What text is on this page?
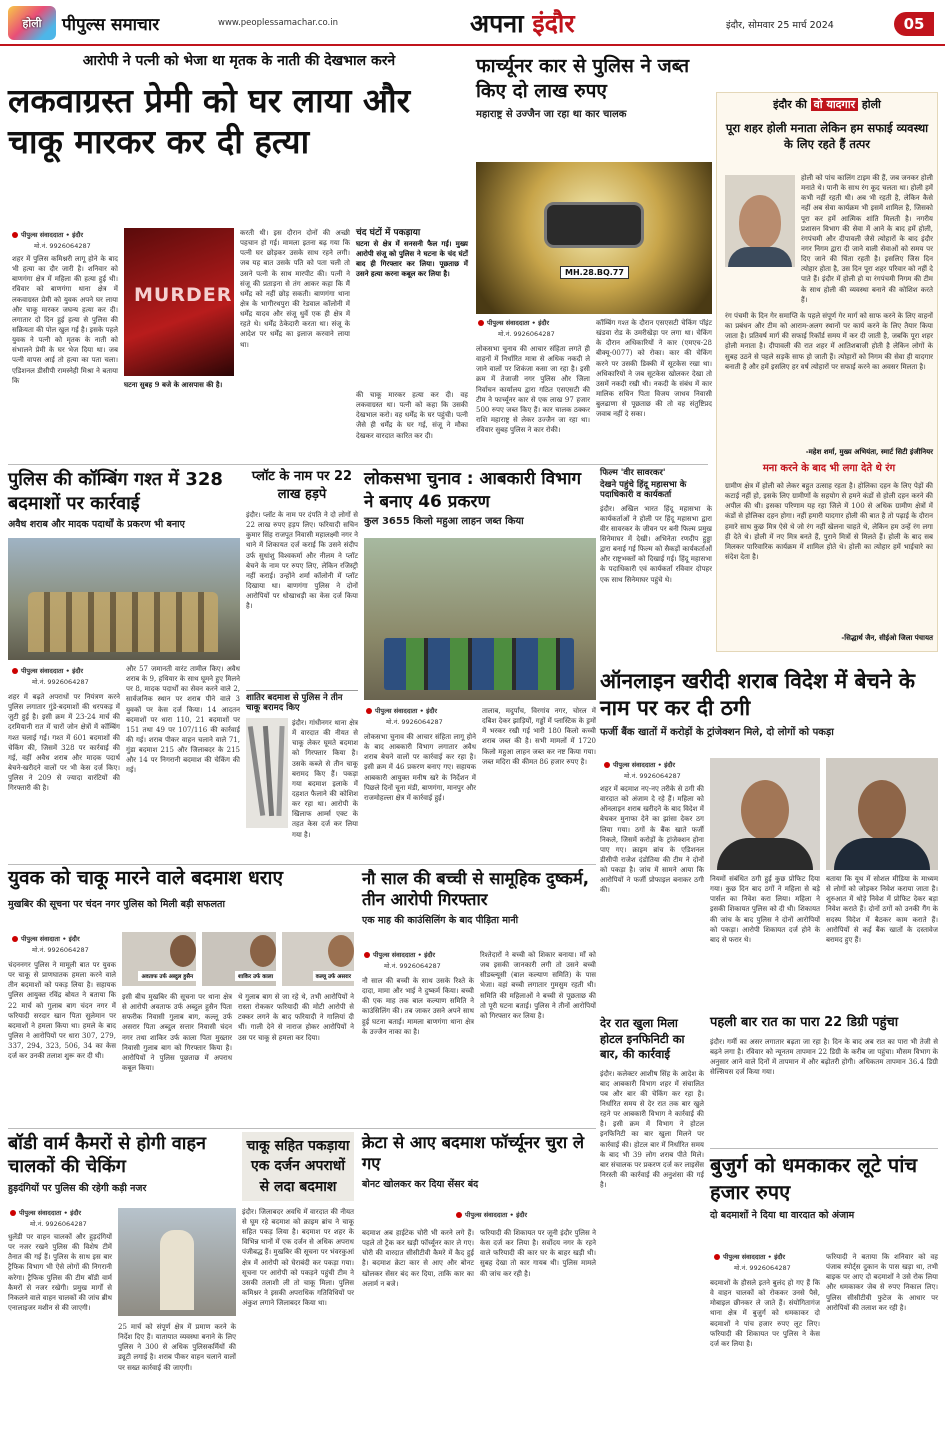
होली पीपुल्स समाचार	www.peoplessamachar.co.in	अपना इंदौर	इंदौर, सोमवार 25 मार्च 2024	05
आरोपी ने पत्नी को भेजा था मृतक के नाती की देखभाल करने
लकवाग्रस्त प्रेमी को घर लाया और चाकू मारकर कर दी हत्या
पीपुल्स संवाददाता • इंदौर
मो.नं. 9926064287
शहर में पुलिस कमिश्नरी लागू होने के बाद भी हत्या का दौर जारी है। शनिवार को बाणगंगा क्षेत्र में महिला की हत्या हुई थी। रविवार को बाणगंगा थाना क्षेत्र में लकवाग्रस्त प्रेमी को युवक अपने घर लाया और चाकू मारकर जघन्य हत्या कर दी। लगातार दो दिन हुई हत्या से पुलिस की सक्रियता की पोल खुल गई है। इसके पहले युवक ने पत्नी को मृतक के नाती को संभालने प्रेमी के घर भेज दिया था। जब पत्नी वापस आई तो हत्या का पता चला। एडिशनल डीसीपी रामस्नेही मिश्रा ने बताया कि
MURDER
घटना सुबह 9 बजे के आसपास की है।
करती थी। इस दौरान दोनों की अच्छी पहचान हो गई। मामला इतना बढ़ गया कि पत्नी घर छोड़कर उसके साथ रहने लगी। जब यह बात उसके पति को पता चली तो उसने पत्नी के साथ मारपीट की। पत्नी ने संजू की प्रताड़ना से तंग आकर कहा कि मैं धर्मेंद्र को नहीं छोड़ सकती। बाणगंगा थाना क्षेत्र के भागीरथपुरा की रेडवाल कॉलोनी में धर्मेंद्र यादव और संजू धुर्वे एक ही क्षेत्र में रहते थे। धर्मेंद्र ठेकेदारी करता था। संजू के आदेश पर धर्मेंद्र का इलाज करवाने लाया था।
चंद घंटों में पकड़ाया
घटना से क्षेत्र में सनसनी फैल गई। मुख्य आरोपी संजू को पुलिस ने घटना के चंद घंटों बाद ही गिरफ्तार कर लिया। पूछताछ में उसने हत्या करना कबूल कर लिया है।
की चाकू मारकर हत्या कर दी। वह लकवाग्रस्त था। पत्नी को कहा कि उसकी देखभाल करो। वह धर्मेंद्र के घर पहुंची। पत्नी जैसे ही धर्मेंद्र के घर गई, संजू ने मौका देखकर वारदात कारित कर दी।
फार्च्यूनर कार से पुलिस ने जब्त किए दो लाख रुपए
महाराष्ट्र से उज्जैन जा रहा था कार चालक
MH.28.BQ.77
पीपुल्स संवाददाता • इंदौर
मो.नं. 9926064287
लोकसभा चुनाव की आचार संहिता लगते ही वाहनों में निर्धारित मात्रा से अधिक नकदी ले जाने वालों पर शिकंजा कसा जा रहा है। इसी क्रम में तेजाजी नगर पुलिस और जिला निर्वाचन कार्यालय द्वारा गठित एसएसटी की टीम ने फार्च्यूनर कार से एक लाख 97 हजार 500 रुपए जब्त किए हैं। कार चालक ठक्कर राशि महाराष्ट्र से लेकर उज्जैन जा रहा था। रविवार सुबह पुलिस ने कार रोकी।
कॉम्बिंग गश्त के दौरान एसएसटी चेकिंग पॉइंट खंडवा रोड के उमरीखेड़ा पर लगा था। चेकिंग के दौरान अधिकारियों ने कार (एमएच-28 बीक्यू-0077) को रोका। कार की चेकिंग करने पर उसकी डिक्की में सूटकेस रखा था। अधिकारियों ने जब सूटकेस खोलकर देखा तो उसमें नकदी रखी थी। नकदी के संबंध में कार मालिक सचिन पिता विजय जाधव निवासी बुलढाणा से पूछताछ की तो वह संतुष्टिप्रद जवाब नहीं दे सका।
इंदौर की वो यादगार होली
पूरा शहर होली मनाता लेकिन हम सफाई व्यवस्था के लिए रहते हैं तत्पर
होली को पांच कालिंग टाइम की हैं, जब जनकर होली मनाते थे। पानी के साथ रंग कूद चलता था। होली हमें कभी नहीं रहती थी। अब भी रहती है, लेकिन कैसे नहीं अब सेवा कार्यक्रम भी इसमें शामिल है, जिसको पूरा कर हमें आत्मिक शांति मिलती है। नगरीय प्रशासन विभाग की सेवा में आने के बाद हमें होली, रंगपंचमी और दीपावली जैसे त्योहारों के बाद इंदौर नगर निगम द्वारा दी जाने वाली सेवाओं को समय पर दिए जाने की चिंता रहती है। इसलिए जिस दिन त्योहार होता है, उस दिन पूरा शहर परिवार को नहीं दे पाते हैं। इंदौर में होली हो या रंगपंचमी निगम की टीम के साथ होली की व्यवस्था बनाने की कोशिश करते हैं।
रंग पंचमी के दिन गेर समाप्ति के पहले संपूर्ण गेर मार्ग को साफ करने के लिए वाहनों का प्रबंधन और टीम को आराम-अलग स्थानों पर कार्य करने के लिए तैयार किया जाता है। प्रतिवर्ष मार्ग की सफाई रिकॉर्ड समय में कर दी जाती है, जबकि पूरा शहर होली मनाता है। दीपावली की रात शहर में आतिशबाजी होती है लेकिन लोगों के सुबह उठने से पहले सड़कें साफ हो जाती हैं। त्योहारों को निगम की सेवा ही यादगार बनाती है और हमें इसलिए हर वर्ष त्योहारों पर सफाई करने का अवसर मिलता है।
-महेश शर्मा, मुख्य अभियंता, स्मार्ट सिटी इंजीनियर
मना करने के बाद भी लगा देते थे रंग
ग्रामीण क्षेत्र में होली को लेकर बहुत उत्साह रहता है। होलिका दहन के लिए पेड़ों की कटाई नहीं हो, इसके लिए ग्रामीणों के सहयोग से हमने कंडों से होली दहन करने की अपील की थी। इसका परिणाम यह रहा जिले में 100 से अधिक ग्रामीण क्षेत्रों में कंडों से होलिका दहन होगा। नहीं हमारी यादगार होली की बात है तो पढ़ाई के दौरान हमारे साथ कुछ मित्र ऐसे थे जो रंग नहीं खेलना चाहते थे, लेकिन हम उन्हें रंग लगा ही देते थे। होली में नए मित्र बनते हैं, पुराने मित्रों से मिलते हैं। होली के बाद सब मिलकर पारिवारिक कार्यक्रम में शामिल होते थे। होली का त्योहार हमें भाईचारे का संदेश देता है।
-सिद्धार्थ जैन, सीईओ जिला पंचायत
पुलिस की कॉम्बिंग गश्त में 328 बदमाशों पर कार्रवाई
अवैध शराब और मादक पदार्थों के प्रकरण भी बनाए
पीपुल्स संवाददाता • इंदौर
मो.नं. 9926064287
शहर में बढ़ते अपराधों पर नियंत्रण करने पुलिस लगातार गुंडे-बदमाशों की धरपकड़ में जुटी हुई है। इसी क्रम में 23-24 मार्च की दरमियानी रात में चारों जोन क्षेत्रों में कॉम्बिंग गश्त चलाई गई। गश्त में 601 बदमाशों की चेकिंग की, जिसमें 328 पर कार्रवाई की गई, वहीं अवैध शराब और मादक पदार्थ बेचने-खरीदने वालों पर भी केस दर्ज किए। पुलिस ने 209 से ज्यादा वारंटियों की गिरफ्तारी की है।
और 57 जमानती वारंट तामील किए। अवैध शराब के 9, हथियार के साथ घूमने हुए मिलने पर 8, मादक पदार्थों का सेवन करने वाले 2, सार्वजनिक स्थान पर शराब पीने वाले 3 युवकों पर केस दर्ज किया। 14 आदतन बदमाशों पर धारा 110, 21 बदमाशों पर 151 तथा 49 पर 107/116 की कार्रवाई की गई। शराब पीकर वाहन चलाने वाले 71, गुंडा बदमाश 215 और जिलाबदर के 215 और 14 पर निगरानी बदमाश की चेकिंग की गई।
प्लॉट के नाम पर 22 लाख हड़पे
इंदौर। प्लॉट के नाम पर दंपति ने दो लोगों से 22 लाख रुपए हड़प लिए। फरियादी सचिन कुमार सिंह राजपूत निवासी महालक्ष्मी नगर ने थाने में शिकायत दर्ज कराई कि उसने संदीप उर्फ सुधांशु विश्वकर्मा और नीलम ने प्लॉट बेचने के नाम पर रुपए लिए, लेकिन रजिस्ट्री नहीं कराई। उन्होंने शर्मा कॉलोनी में प्लॉट दिखाया था। बाणगंगा पुलिस ने दोनों आरोपियों पर धोखाधड़ी का केस दर्ज किया है।
शातिर बदमाश से पुलिस ने तीन चाकू बरामद किए
इंदौर। गांधीनगर थाना क्षेत्र में वारदात की नीयत से चाकू लेकर घूमते बदमाश को गिरफ्तार किया है। उसके कब्जे से तीन चाकू बरामद किए हैं। पकड़ा गया बदमाश इलाके में दहशत फैलाने की कोशिश कर रहा था। आरोपी के खिलाफ आर्म्स एक्ट के तहत केस दर्ज कर लिया गया है।
लोकसभा चुनाव : आबकारी विभाग ने बनाए 46 प्रकरण
कुल 3655 किलो महुआ लाहन जब्त किया
पीपुल्स संवाददाता • इंदौर
मो.नं. 9926064287
लोकसभा चुनाव की आचार संहिता लागू होने के बाद आबकारी विभाग लगातार अवैध शराब बेचने वालों पर कार्रवाई कर रहा है। इसी क्रम में 46 प्रकरण बनाए गए। सहायक आबकारी आयुक्त मनीष खरे के निर्देशन में पिछले दिनों चूना मंडी, बाणगंगा, मानपुर और राजमोहल्ला क्षेत्र में कार्रवाई हुई।
तालाब, मदुर्पांच, विरगांव नगर, चोरल में दबिश देकर झाड़ियों, गड्ढों में प्लास्टिक के ड्रमों में भरकर रखी गई भारी 180 किलो कच्ची शराब जब्त की है। सभी मामलों में 1720 किलो महुआ लाहन जब्त कर नष्ट किया गया। जब्त मदिरा की कीमत 86 हजार रुपए है।
फिल्म 'वीर सावरकर'
देखने पहुंचे हिंदू महासभा के पदाधिकारी व कार्यकर्ता
इंदौर। अखिल भारत हिंदू महासभा के कार्यकर्ताओं ने होली पर हिंदू महासभा द्वारा वीर सावरकर के जीवन पर बनी फिल्म प्रमुख सिनेमाघर में देखी। अभिनेता रणदीप हुड्डा द्वारा बनाई गई फिल्म को सैकड़ों कार्यकर्ताओं और राष्ट्रभक्तों को दिखाई गई। हिंदू महासभा के पदाधिकारी एवं कार्यकर्ता रविवार दोपहर एक साथ सिनेमाघर पहुंचे थे।
ऑनलाइन खरीदी शराब विदेश में बेचने के नाम पर कर दी ठगी
फर्जी बैंक खातों में करोड़ों के ट्रांजेक्शन मिले, दो लोगों को पकड़ा
पीपुल्स संवाददाता • इंदौर
मो.नं. 9926064287
शहर में बदमाश नए-नए तरीके से ठगी की वारदात को अंजाम दे रहे हैं। महिला को ऑनलाइन शराब खरीदने के बाद विदेश में बेचकर मुनाफा देने का झांसा देकर ठग लिया गया। ठगों के बैंक खाते फर्जी निकले, जिसमें करोड़ों के ट्रांजेक्शन होना पाए गए। क्राइम ब्रांच के एडिशनल डीसीपी राजेश दंडोतिया की टीम ने दोनों को पकड़ा है। जांच में सामने आया कि आरोपियों ने फर्जी प्रोफाइल बनाकर ठगी की।
नियमों संबंधित ठगी हुई कुछ प्रोफिट दिया गया। कुछ दिन बाद ठगों ने महिला से बड़े पार्सल का निवेश करा लिया। महिला ने इसकी शिकायत पुलिस को दी थी। शिकायत की जांच के बाद पुलिस ने दोनों आरोपियों को पकड़ा। आरोपी शिकायत दर्ज होने के बाद से फरार थे।
बताया कि यूथ में सोशल मीडिया के माध्यम से लोगों को जोड़कर निवेश कराया जाता है। शुरुआत में थोड़े निवेश में प्रोफिट देकर बड़ा निवेश कराते हैं। दोनों ठगों को उनकी गैंग के सदस्य विदेश में बैठकर काम कराते हैं। आरोपियों से कई बैंक खातों के दस्तावेज बरामद हुए हैं।
युवक को चाकू मारने वाले बदमाश धराए
मुखबिर की सूचना पर चंदन नगर पुलिस को मिली बड़ी सफलता
पीपुल्स संवादाता • इंदौर
मो.नं. 9926064287
अवताफ उर्फ अब्दुल हुसैन	शाकिर उर्फ काला	कल्लू उर्फ असरार
चंदननगर पुलिस ने मामूली बात पर युवक पर चाकू से प्राणघातक हमला करने वाले तीन बदमाशों को पकड़ लिया है। सहायक पुलिस आयुक्त रविंद्र बोयत ने बताया कि 22 मार्च को गुलाब बाग चंदन नगर में फरियादी सरदार खान पिता सुलेमान पर बदमाशों ने हमला किया था। हमले के बाद पुलिस ने आरोपियों पर धारा 307, 279, 337, 294, 323, 506, 34 का केस दर्ज कर उनकी तलाश शुरू कर दी थी।
इसी बीच मुखबिर की सूचना पर थाना क्षेत्र से आरोपी अवताफ उर्फ अब्दुल हुसैन पिता सफरीक निवासी गुलाब बाग, कल्लू उर्फ असरार पिता अब्दुल सत्तार निवासी चंदन नगर तथा शाकिर उर्फ काला पिता मुख्तार निवासी गुलाब बाग को गिरफ्तार किया है। आरोपियों ने पुलिस पूछताछ में अपराध कबूल किया।
थे गुलाब बाग से जा रहे थे, तभी आरोपियों ने रास्ता रोककर फरियादी की मोटी आरोपी से टक्कर लगने के बाद फरियादी ने गालियां दी थीं। गाली देने से नाराज होकर आरोपियों ने उस पर चाकू से हमला कर दिया।
नौ साल की बच्ची से सामूहिक दुष्कर्म, तीन आरोपी गिरफ्तार
एक माह की काउंसिलिंग के बाद पीड़िता मानी
पीपुल्स संवाददाता • इंदौर
मो.नं. 9926064287
नौ साल की बच्ची के साथ उसके रिश्ते के दादा, मामा और भाई ने दुष्कर्म किया। बच्ची की एक माह तक बाल कल्याण समिति ने काउंसिलिंग की। तब जाकर उसने अपने साथ हुई घटना बताई। मामला बाणगंगा थाना क्षेत्र के उज्जैन नाका का है।
रिश्तेदारों ने बच्ची को शिकार बनाया। माँ को जब इसकी जानकारी लगी तो उसने बच्ची सीडब्ल्यूसी (बाल कल्याण समिति) के पास भेजा। वहां बच्ची लगातार गुमसुम रहती थी। समिति की महिलाओं ने बच्ची से पूछताछ की तो पूरी घटना बताई। पुलिस ने तीनों आरोपियों को गिरफ्तार कर लिया है।
बॉडी वार्म कैमरों से होगी वाहन चालकों की चेकिंग
हुड़दंगियों पर पुलिस की रहेगी कड़ी नजर
पीपुल्स संवाददाता • इंदौर
मो.नं. 9926064287
धुलेंडी पर वाहन चालकों और हुड़दंगियों पर नजर रखने पुलिस की विशेष टीमें तैनात की गई हैं। पुलिस के साथ इस बार ट्रैफिक विभाग भी ऐसे लोगों की निगरानी करेगा। ट्रैफिक पुलिस की टीम बॉडी वार्म कैमरों से नजर रखेगी। प्रमुख मार्गों से निकलने वाले वाहन चालकों की जांच ब्रीथ एनालाइजर मशीन से की जाएगी।
25 मार्च को संपूर्ण क्षेत्र में प्रमाण करने के निर्देश दिए हैं। यातायात व्यवस्था बनाने के लिए पुलिस ने 300 से अधिक पुलिसकर्मियों की ड्यूटी लगाई है। शराब पीकर वाहन चलाने वालों पर सख्त कार्रवाई की जाएगी।
चाकू सहित पकड़ाया एक दर्जन अपराधों से लदा बदमाश
इंदौर। जिलाबदर अवधि में वारदात की नीयत से घूम रहे बदमाश को क्राइम ब्रांच ने चाकू सहित पकड़ लिया है। बदमाश पर शहर के विभिन्न थानों में एक दर्जन से अधिक अपराध पंजीबद्ध हैं। मुखबिर की सूचना पर भंवरकुआं क्षेत्र में आरोपी को घेराबंदी कर पकड़ा गया। सूचना पर आरोपी को पकड़ने पहुंची टीम ने उसकी तलाशी ली तो चाकू मिला। पुलिस कमिश्नर ने इसकी अपराधिक गतिविधियों पर अंकुश लगाने जिलाबदर किया था।
क्रेटा से आए बदमाश फॉर्च्यूनर चुरा ले गए
बोनट खोलकर कर दिया सेंसर बंद
पीपुल्स संवाददाता • इंदौर
बदमाश अब हाईटेक चोरी भी करने लगे हैं। पहले तो ट्रैक कर खड़ी फॉर्च्यूनर कार ले गए। चोरी की वारदात सीसीटीवी कैमरे में कैद हुई है। बदमाश क्रेटा कार से आए और बोनट खोलकर सेंसर बंद कर दिया, ताकि कार का अलार्म न बजे।
फरियादी की शिकायत पर जूनी इंदौर पुलिस ने केस दर्ज कर लिया है। सर्वोदय नगर के रहने वाले फरियादी की कार घर के बाहर खड़ी थी। सुबह देखा तो कार गायब थी। पुलिस मामले की जांच कर रही है।
देर रात खुला मिला होटल इनफिनिटी का बार, की कार्रवाई
इंदौर। कलेक्टर आशीष सिंह के आदेश के बाद आबकारी विभाग शहर में संचालित पब और बार की चेकिंग कर रहा है। निर्धारित समय से देर रात तक बार खुले रहने पर आबकारी विभाग ने कार्रवाई की है। इसी क्रम में विभाग ने होटल इनफिनिटी का बार खुला मिलने पर कार्रवाई की। होटल बार में निर्धारित समय के बाद भी 39 लोग शराब पीते मिले। बार संचालक पर प्रकरण दर्ज कर लाइसेंस निरस्ती की कार्रवाई की अनुशंसा की गई है।
पहली बार रात का पारा 22 डिग्री पहुंचा
इंदौर। गर्मी का असर लगातार बढ़ता जा रहा है। दिन के बाद अब रात का पारा भी तेजी से बढ़ने लगा है। रविवार को न्यूनतम तापमान 22 डिग्री के करीब जा पहुंचा। मौसम विभाग के अनुसार आने वाले दिनों में तापमान में और बढ़ोतरी होगी। अधिकतम तापमान 36.4 डिग्री सेल्सियस दर्ज किया गया।
बुजुर्ग को धमकाकर लूटे पांच हजार रुपए
दो बदमाशों ने दिया था वारदात को अंजाम
पीपुल्स संवाददाता • इंदौर
मो.नं. 9926064287
बदमाशों के हौसले इतने बुलंद हो गए हैं कि वे वाहन चालकों को रोककर उनसे पैसे, मोबाइल छीनकर ले जाते हैं। संयोगितागंज थाना क्षेत्र में बुजुर्ग को धमकाकर दो बदमाशों ने पांच हजार रुपए लूट लिए। फरियादी की शिकायत पर पुलिस ने केस दर्ज कर लिया है।
फरियादी ने बताया कि शनिवार को वह पंजाब स्पोर्ट्स दुकान के पास खड़ा था, तभी बाइक पर आए दो बदमाशों ने उसे रोक लिया और धमकाकर जेब से रुपए निकाल लिए। पुलिस सीसीटीवी फुटेज के आधार पर आरोपियों की तलाश कर रही है।
